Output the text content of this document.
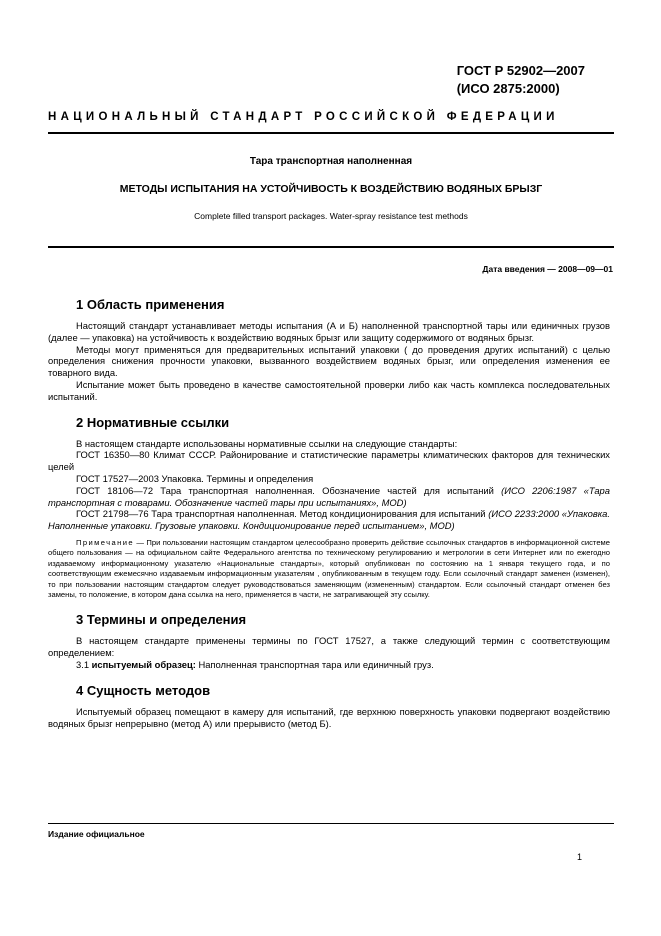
ГОСТ Р 52902—2007
(ИСО 2875:2000)
НАЦИОНАЛЬНЫЙ СТАНДАРТ РОССИЙСКОЙ ФЕДЕРАЦИИ
Тара транспортная наполненная
МЕТОДЫ ИСПЫТАНИЯ НА УСТОЙЧИВОСТЬ К ВОЗДЕЙСТВИЮ ВОДЯНЫХ БРЫЗГ
Complete filled transport packages. Water-spray resistance test methods
Дата введения — 2008—09—01
1 Область применения

Настоящий стандарт устанавливает методы испытания (А и Б) наполненной транспортной тары или единичных грузов (далее — упаковка) на устойчивость к воздействию водяных брызг или защиту содержимого от водяных брызг.

Методы могут применяться для предварительных испытаний упаковки ( до проведения других испытаний) с целью определения снижения прочности упаковки, вызванного воздействием водяных брызг, или определения изменения ее товарного вида.

Испытание может быть проведено в качестве самостоятельной проверки либо как часть комплекса последовательных испытаний.

2 Нормативные ссылки

В настоящем стандарте использованы нормативные ссылки на следующие стандарты:

ГОСТ 16350—80 Климат СССР. Районирование и статистические параметры климатических факторов для технических целей

ГОСТ 17527—2003 Упаковка. Термины и определения

ГОСТ 18106—72 Тара транспортная наполненная. Обозначение частей для испытаний (ИСО 2206:1987 «Тара транспортная с товарами. Обозначение частей тары при испытаниях», MOD)

ГОСТ 21798—76 Тара транспортная наполненная. Метод кондиционирования для испытаний (ИСО 2233:2000 «Упаковка. Наполненные упаковки. Грузовые упаковки. Кондиционирование перед испытанием», MOD)

Примечание — При пользовании настоящим стандартом целесообразно проверить действие ссылочных стандартов в информационной системе общего пользования — на официальном сайте Федерального агентства по техническому регулированию и метрологии в сети Интернет или по ежегодно издаваемому информационному указателю «Национальные стандарты», который опубликован по состоянию на 1 января текущего года, и по соответствующим ежемесячно издаваемым информационным указателям , опубликованным в текущем году. Если ссылочный стандарт заменен (изменен), то при пользовании настоящим стандартом следует руководствоваться заменяющим (измененным) стандартом. Если ссылочный стандарт отменен без замены, то положение, в котором дана ссылка на него, применяется в части, не затрагивающей эту ссылку.

3 Термины и определения

В настоящем стандарте применены термины по ГОСТ 17527, а также следующий термин с соответствующим определением:

3.1 испытуемый образец: Наполненная транспортная тара или единичный груз.

4 Сущность методов

Испытуемый образец помещают в камеру для испытаний, где верхнюю поверхность упаковки подвергают воздействию водяных брызг непрерывно (метод А) или прерывисто (метод Б).

Издание официальное
1
